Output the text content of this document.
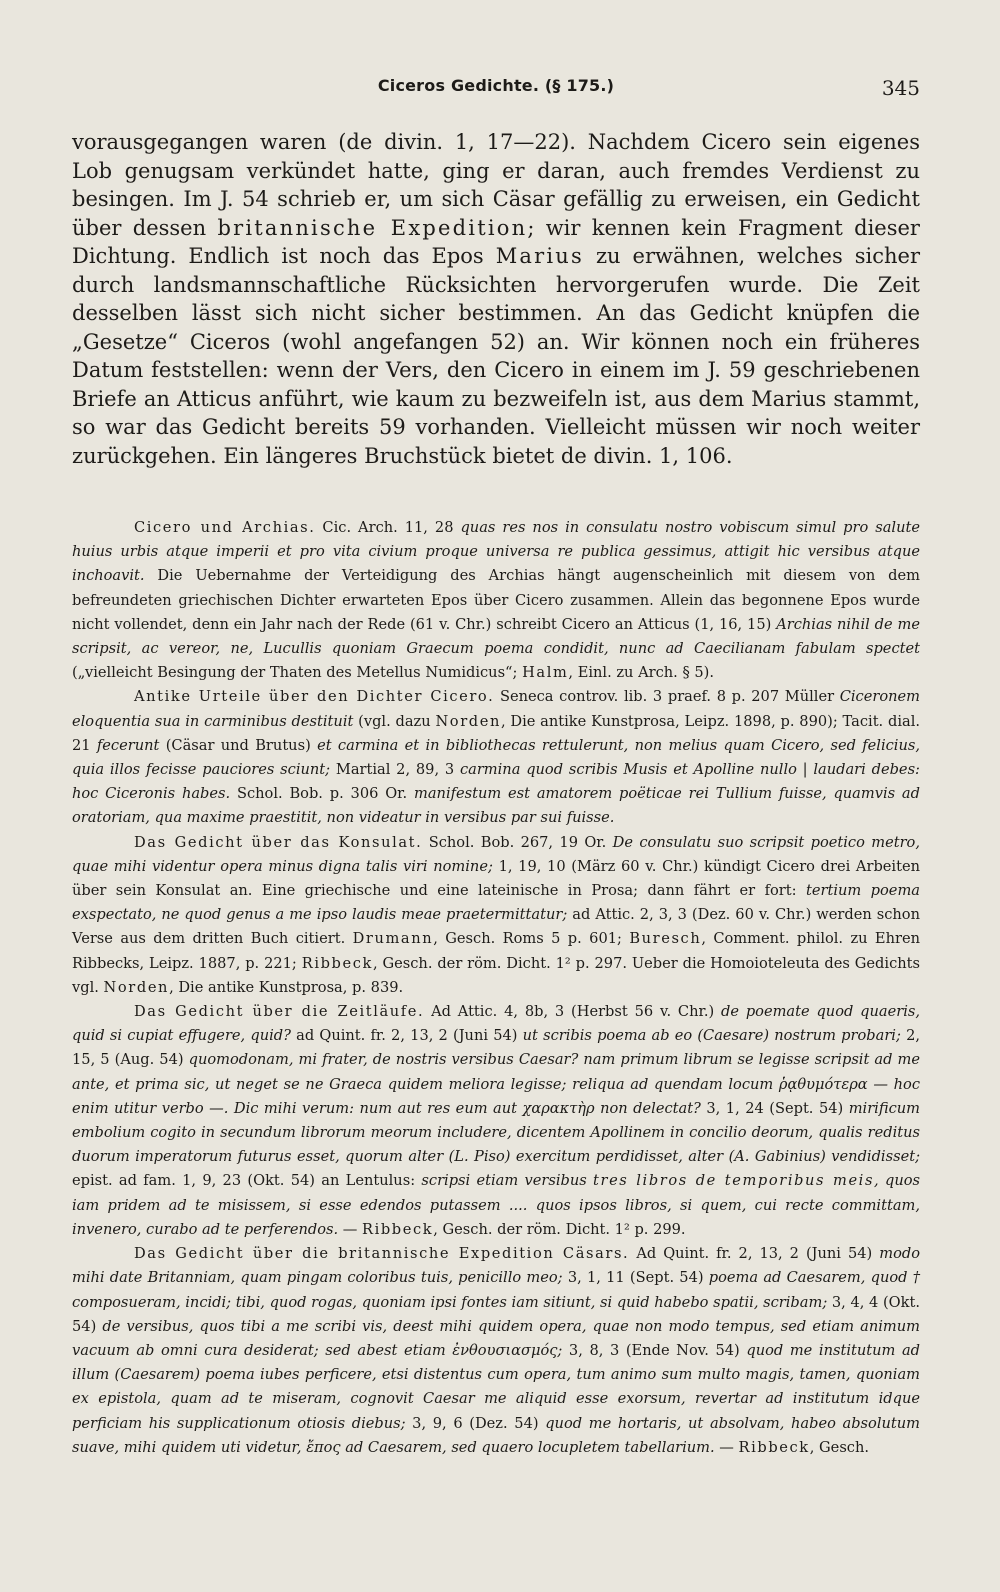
Ciceros Gedichte. (§ 175.)	345

vorausgegangen waren (de divin. 1, 17—22). Nachdem Cicero sein eigenes Lob genugsam verkündet hatte, ging er daran, auch fremdes Verdienst zu besingen. Im J. 54 schrieb er, um sich Cäsar gefällig zu erweisen, ein Gedicht über dessen britannische Expedition; wir kennen kein Fragment dieser Dichtung. Endlich ist noch das Epos Marius zu erwähnen, welches sicher durch landsmannschaftliche Rücksichten hervorgerufen wurde. Die Zeit desselben lässt sich nicht sicher bestimmen. An das Gedicht knüpfen die „Gesetze“ Ciceros (wohl angefangen 52) an. Wir können noch ein früheres Datum feststellen: wenn der Vers, den Cicero in einem im J. 59 geschriebenen Briefe an Atticus anführt, wie kaum zu bezweifeln ist, aus dem Marius stammt, so war das Gedicht bereits 59 vorhanden. Vielleicht müssen wir noch weiter zurückgehen. Ein längeres Bruchstück bietet de divin. 1, 106.

Cicero und Archias. Cic. Arch. 11, 28 quas res nos in consulatu nostro vobiscum simul pro salute huius urbis atque imperii et pro vita civium proque universa re publica gessimus, attigit hic versibus atque inchoavit. Die Uebernahme der Verteidigung des Archias hängt augenscheinlich mit diesem von dem befreundeten griechischen Dichter erwarteten Epos über Cicero zusammen. Allein das begonnene Epos wurde nicht vollendet, denn ein Jahr nach der Rede (61 v. Chr.) schreibt Cicero an Atticus (1, 16, 15) Archias nihil de me scripsit, ac vereor, ne, Lucullis quoniam Graecum poema condidit, nunc ad Caecilianam fabulam spectet („vielleicht Besingung der Thaten des Metellus Numidicus“; Halm, Einl. zu Arch. § 5).

Antike Urteile über den Dichter Cicero. Seneca controv. lib. 3 praef. 8 p. 207 Müller Ciceronem eloquentia sua in carminibus destituit (vgl. dazu Norden, Die antike Kunstprosa, Leipz. 1898, p. 890); Tacit. dial. 21 fecerunt (Cäsar und Brutus) et carmina et in bibliothecas rettulerunt, non melius quam Cicero, sed felicius, quia illos fecisse pauciores sciunt; Martial 2, 89, 3 carmina quod scribis Musis et Apolline nullo | laudari debes: hoc Ciceronis habes. Schol. Bob. p. 306 Or. manifestum est amatorem poëticae rei Tullium fuisse, quamvis ad oratoriam, qua maxime praestitit, non videatur in versibus par sui fuisse.

Das Gedicht über das Konsulat. Schol. Bob. 267, 19 Or. De consulatu suo scripsit poetico metro, quae mihi videntur opera minus digna talis viri nomine; 1, 19, 10 (März 60 v. Chr.) kündigt Cicero drei Arbeiten über sein Konsulat an. Eine griechische und eine lateinische in Prosa; dann fährt er fort: tertium poema exspectato, ne quod genus a me ipso laudis meae praetermittatur; ad Attic. 2, 3, 3 (Dez. 60 v. Chr.) werden schon Verse aus dem dritten Buch citiert. Drumann, Gesch. Roms 5 p. 601; Buresch, Comment. philol. zu Ehren Ribbecks, Leipz. 1887, p. 221; Ribbeck, Gesch. der röm. Dicht. 1² p. 297. Ueber die Homoioteleuta des Gedichts vgl. Norden, Die antike Kunstprosa, p. 839.

Das Gedicht über die Zeitläufe. Ad Attic. 4, 8b, 3 (Herbst 56 v. Chr.) de poemate quod quaeris, quid si cupiat effugere, quid? ad Quint. fr. 2, 13, 2 (Juni 54) ut scribis poema ab eo (Caesare) nostrum probari; 2, 15, 5 (Aug. 54) quomodonam, mi frater, de nostris versibus Caesar? nam primum librum se legisse scripsit ad me ante, et prima sic, ut neget se ne Graeca quidem meliora legisse; reliqua ad quendam locum ῥᾳθυμότερα — hoc enim utitur verbo —. Dic mihi verum: num aut res eum aut χαρακτὴρ non delectat? 3, 1, 24 (Sept. 54) mirificum embolium cogito in secundum librorum meorum includere, dicentem Apollinem in concilio deorum, qualis reditus duorum imperatorum futurus esset, quorum alter (L. Piso) exercitum perdidisset, alter (A. Gabinius) vendidisset; epist. ad fam. 1, 9, 23 (Okt. 54) an Lentulus: scripsi etiam versibus tres libros de temporibus meis, quos iam pridem ad te misissem, si esse edendos putassem .... quos ipsos libros, si quem, cui recte committam, invenero, curabo ad te perferendos. — Ribbeck, Gesch. der röm. Dicht. 1² p. 299.

Das Gedicht über die britannische Expedition Cäsars. Ad Quint. fr. 2, 13, 2 (Juni 54) modo mihi date Britanniam, quam pingam coloribus tuis, penicillo meo; 3, 1, 11 (Sept. 54) poema ad Caesarem, quod † composueram, incidi; tibi, quod rogas, quoniam ipsi fontes iam sitiunt, si quid habebo spatii, scribam; 3, 4, 4 (Okt. 54) de versibus, quos tibi a me scribi vis, deest mihi quidem opera, quae non modo tempus, sed etiam animum vacuum ab omni cura desiderat; sed abest etiam ἐνθουσιασμός; 3, 8, 3 (Ende Nov. 54) quod me institutum ad illum (Caesarem) poema iubes perficere, etsi distentus cum opera, tum animo sum multo magis, tamen, quoniam ex epistola, quam ad te miseram, cognovit Caesar me aliquid esse exorsum, revertar ad institutum idque perficiam his supplicationum otiosis diebus; 3, 9, 6 (Dez. 54) quod me hortaris, ut absolvam, habeo absolutum suave, mihi quidem uti videtur, ἔπος ad Caesarem, sed quaero locupletem tabellarium. — Ribbeck, Gesch.
